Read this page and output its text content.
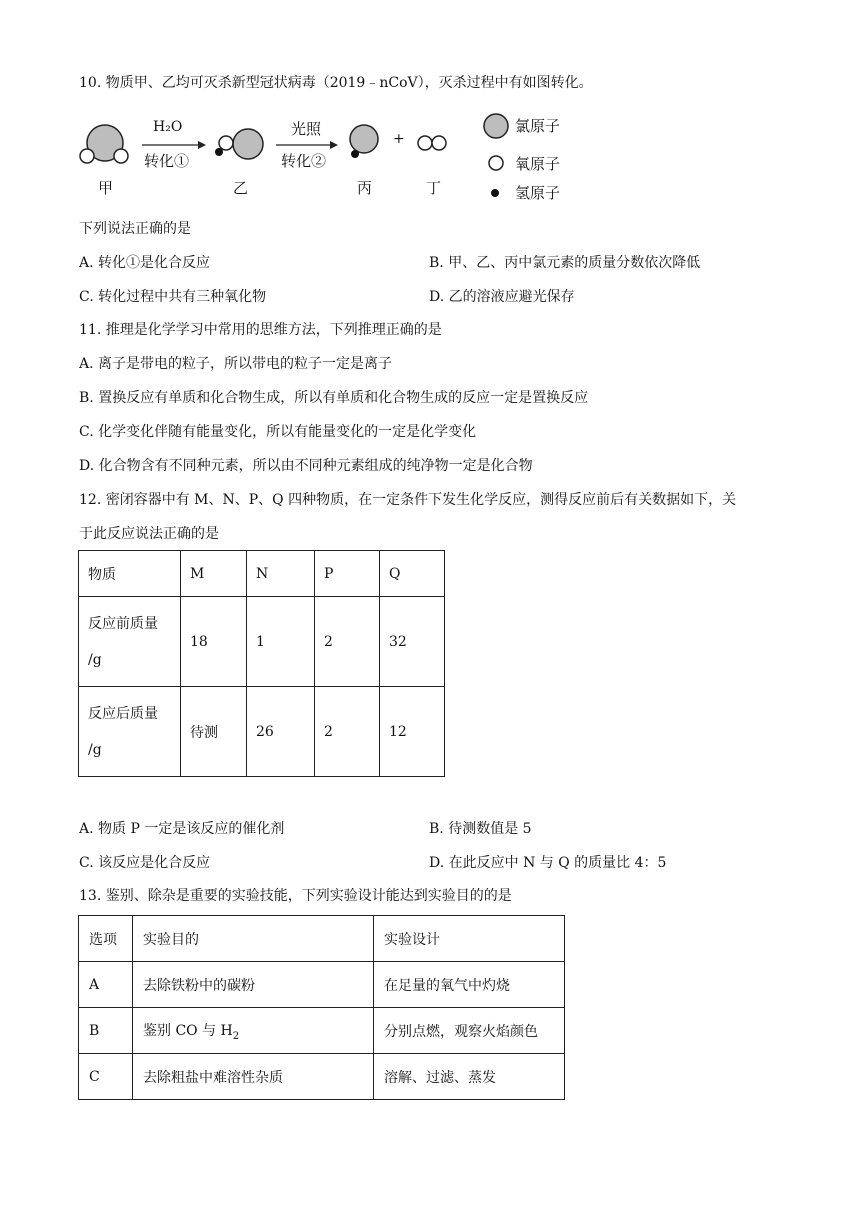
10. 物质甲、乙均可灭杀新型冠状病毒（2019﹣nCoV），灭杀过程中有如图转化。
H₂O
转化①
光照
转化②
+
甲	乙	丙	丁
氯原子
氧原子
氢原子
下列说法正确的是
A. 转化①是化合反应	B. 甲、乙、丙中氯元素的质量分数依次降低
C. 转化过程中共有三种氧化物	D. 乙的溶液应避光保存
11. 推理是化学学习中常用的思维方法，下列推理正确的是
A. 离子是带电的粒子，所以带电的粒子一定是离子
B. 置换反应有单质和化合物生成，所以有单质和化合物生成的反应一定是置换反应
C. 化学变化伴随有能量变化，所以有能量变化的一定是化学变化
D. 化合物含有不同种元素，所以由不同种元素组成的纯净物一定是化合物
12. 密闭容器中有 M、N、P、Q 四种物质，在一定条件下发生化学反应，测得反应前后有关数据如下，关
于此反应说法正确的是
物质	M	N	P	Q

反应前质量
/g	18	1	2	32

反应后质量
/g	待测	26	2	12
A. 物质 P 一定是该反应的催化剂	B. 待测数值是 5
C. 该反应是化合反应	D. 在此反应中 N 与 Q 的质量比 4：5
13. 鉴别、除杂是重要的实验技能，下列实验设计能达到实验目的的是
选项	实验目的	实验设计
A	去除铁粉中的碳粉	在足量的氧气中灼烧
B	鉴别 CO 与 $H_2$	分别点燃，观察火焰颜色
C	去除粗盐中难溶性杂质	溶解、过滤、蒸发
